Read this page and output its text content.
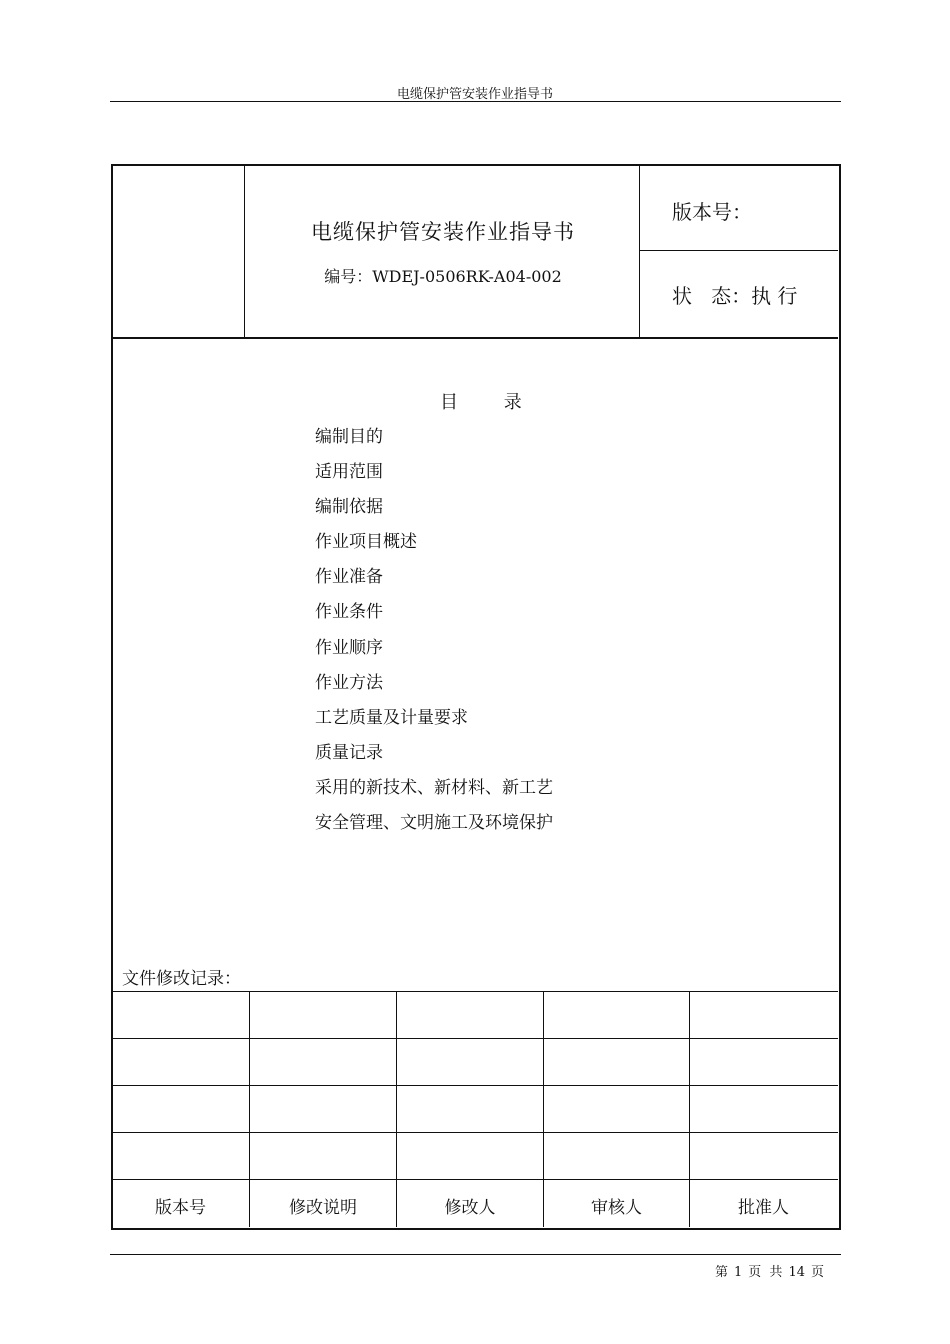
电缆保护管安装作业指导书
电缆保护管安装作业指导书
编号：WDEJ-0506RK-A04-002
版本号：
状   态：执 行
目        录
编制目的
适用范围
编制依据
作业项目概述
作业准备
作业条件
作业顺序
作业方法
工艺质量及计量要求
质量记录
采用的新技术、新材料、新工艺
安全管理、文明施工及环境保护
文件修改记录：
版本号	修改说明	修改人	审核人	批准人
第 1 页 共 14 页
